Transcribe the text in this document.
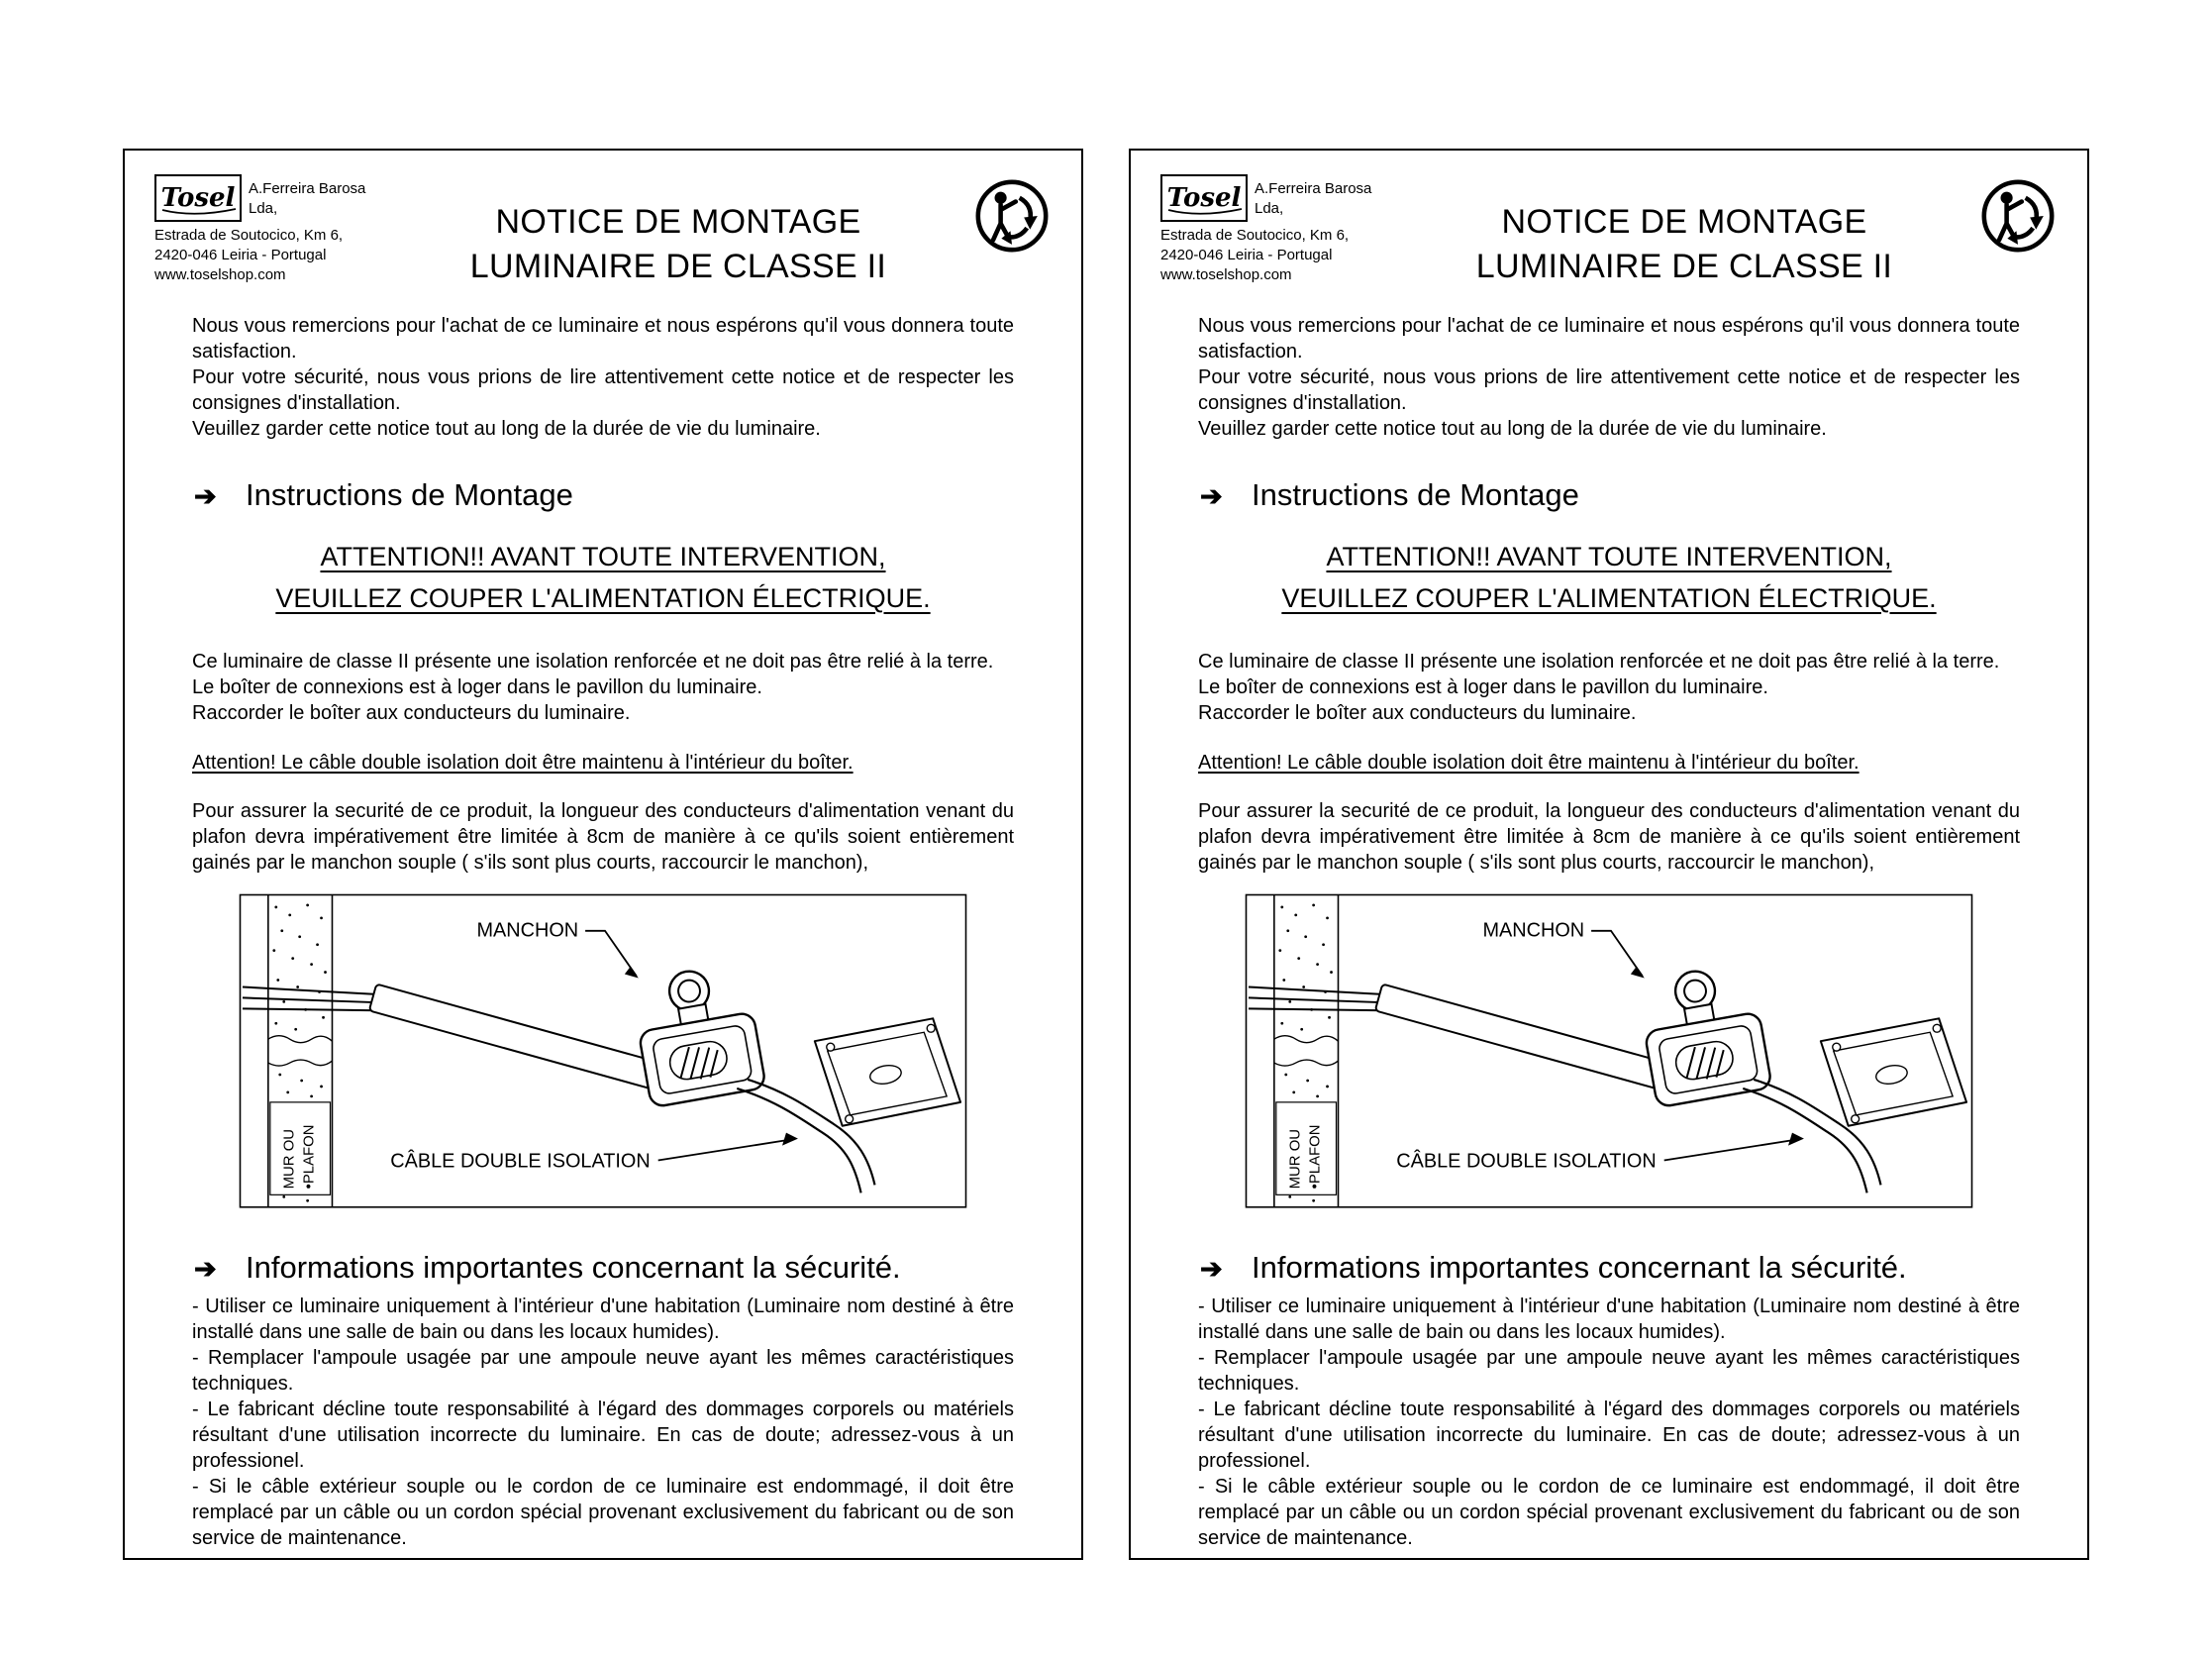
Tosel A.Ferreira Barosa Lda,
Estrada de Soutocico, Km 6,
2420-046 Leiria - Portugal
www.toselshop.com
NOTICE DE MONTAGE
LUMINAIRE DE CLASSE II

Nous vous remercions pour l'achat de ce luminaire et nous espérons qu'il vous donnera toute satisfaction.

Pour votre sécurité, nous vous prions de lire attentivement cette notice et de respecter les consignes d'installation.

Veuillez garder cette notice tout au long de la durée de vie du luminaire.

➔ Instructions de Montage
ATTENTION!! AVANT TOUTE INTERVENTION,
VEUILLEZ COUPER L'ALIMENTATION ÉLECTRIQUE.

Ce luminaire de classe II présente une isolation renforcée et ne doit pas être relié à la terre.

Le boîter de connexions est à loger dans le pavillon du luminaire.

Raccorder le boîter aux conducteurs du luminaire.

Attention! Le câble double isolation doit être maintenu à l'intérieur du boîter.

Pour assurer la securité de ce produit, la longueur des conducteurs d'alimentation venant du plafon devra impérativement être limitée à 8cm de manière à ce qu'ils soient entièrement gainés par le manchon souple ( s'ils sont plus courts, raccourcir le manchon),

MANCHON
CÂBLE DOUBLE ISOLATION
MUR OU •PLAFON
➔ Informations importantes concernant la sécurité.

- Utiliser ce luminaire uniquement à l'intérieur d'une habitation (Luminaire nom destiné à être installé dans une salle de bain ou dans les locaux humides).

- Remplacer l'ampoule usagée par une ampoule neuve ayant les mêmes caractéristiques techniques.

- Le fabricant décline toute responsabilité à l'égard des dommages corporels ou matériels résultant d'une utilisation incorrecte du luminaire. En cas de doute; adressez-vous à un professionel.

- Si le câble extérieur souple ou le cordon de ce luminaire est endommagé, il doit être remplacé par un câble ou un cordon spécial provenant exclusivement du fabricant ou de son service de maintenance.

Tosel A.Ferreira Barosa Lda,
Estrada de Soutocico, Km 6,
2420-046 Leiria - Portugal
www.toselshop.com
NOTICE DE MONTAGE
LUMINAIRE DE CLASSE II

Nous vous remercions pour l'achat de ce luminaire et nous espérons qu'il vous donnera toute satisfaction.

Pour votre sécurité, nous vous prions de lire attentivement cette notice et de respecter les consignes d'installation.

Veuillez garder cette notice tout au long de la durée de vie du luminaire.

➔ Instructions de Montage
ATTENTION!! AVANT TOUTE INTERVENTION,
VEUILLEZ COUPER L'ALIMENTATION ÉLECTRIQUE.

Ce luminaire de classe II présente une isolation renforcée et ne doit pas être relié à la terre.

Le boîter de connexions est à loger dans le pavillon du luminaire.

Raccorder le boîter aux conducteurs du luminaire.

Attention! Le câble double isolation doit être maintenu à l'intérieur du boîter.

Pour assurer la securité de ce produit, la longueur des conducteurs d'alimentation venant du plafon devra impérativement être limitée à 8cm de manière à ce qu'ils soient entièrement gainés par le manchon souple ( s'ils sont plus courts, raccourcir le manchon),

MANCHON
CÂBLE DOUBLE ISOLATION
MUR OU •PLAFON
➔ Informations importantes concernant la sécurité.

- Utiliser ce luminaire uniquement à l'intérieur d'une habitation (Luminaire nom destiné à être installé dans une salle de bain ou dans les locaux humides).

- Remplacer l'ampoule usagée par une ampoule neuve ayant les mêmes caractéristiques techniques.

- Le fabricant décline toute responsabilité à l'égard des dommages corporels ou matériels résultant d'une utilisation incorrecte du luminaire. En cas de doute; adressez-vous à un professionel.

- Si le câble extérieur souple ou le cordon de ce luminaire est endommagé, il doit être remplacé par un câble ou un cordon spécial provenant exclusivement du fabricant ou de son service de maintenance.
